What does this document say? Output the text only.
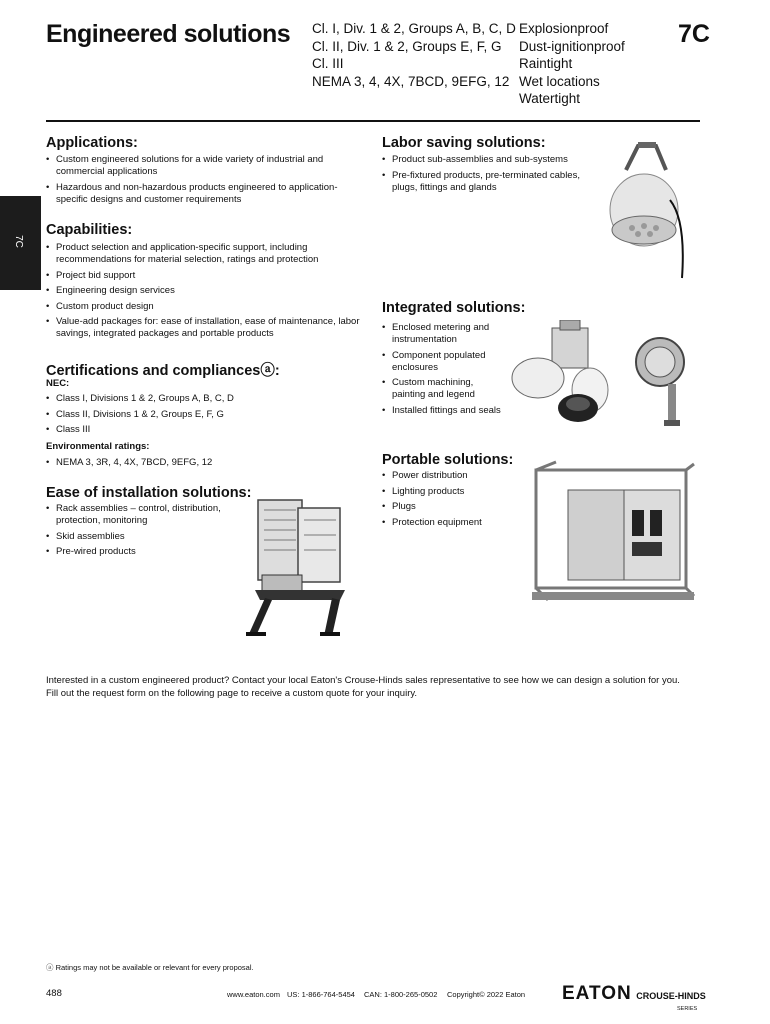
Engineered solutions Cl. I, Div. 1 & 2, Groups A, B, C, D
Cl. II, Div. 1 & 2, Groups E, F, G
Cl. III
NEMA 3, 4, 4X, 7BCD, 9EFG, 12
Explosionproof
Dust-ignitionproof
Raintight
Wet locations
Watertight
7C
7C
Applications:
• Custom engineered solutions for a wide variety of industrial and commercial applications
• Hazardous and non-hazardous products engineered to application-specific designs and customer requirements
Capabilities:
• Product selection and application-specific support, including recommendations for material selection, ratings and protection
• Project bid support
• Engineering design services
• Custom product design
• Value-add packages for: ease of installation, ease of maintenance, labor savings, integrated packages and portable products
Certifications and compliancesⓐ:
NEC:
• Class I, Divisions 1 & 2, Groups A, B, C, D
• Class II, Divisions 1 & 2, Groups E, F, G
• Class III
Environmental ratings:
• NEMA 3, 3R, 4, 4X, 7BCD, 9EFG, 12
Ease of installation solutions:
• Rack assemblies – control, distribution, protection, monitoring
• Skid assemblies
• Pre-wired products
Labor saving solutions:
• Product sub-assemblies and sub-systems
• Pre-fixtured products, pre-terminated cables, plugs, fittings and glands
Integrated solutions:
• Enclosed metering and instrumentation
• Component populated enclosures
• Custom machining, painting and legend
• Installed fittings and seals
Portable solutions:
• Power distribution
• Lighting products
• Plugs
• Protection equipment
Interested in a custom engineered product? Contact your local Eaton's Crouse-Hinds sales representative to see how we can design a solution for you. Fill out the request form on the following page to receive a custom quote for your inquiry.
ⓐ Ratings may not be available or relevant for every proposal.
488	www.eaton.com US: 1-866-764-5454 CAN: 1-800-265-0502 Copyright© 2022 Eaton EATON CROUSE-HINDS
SERIES
